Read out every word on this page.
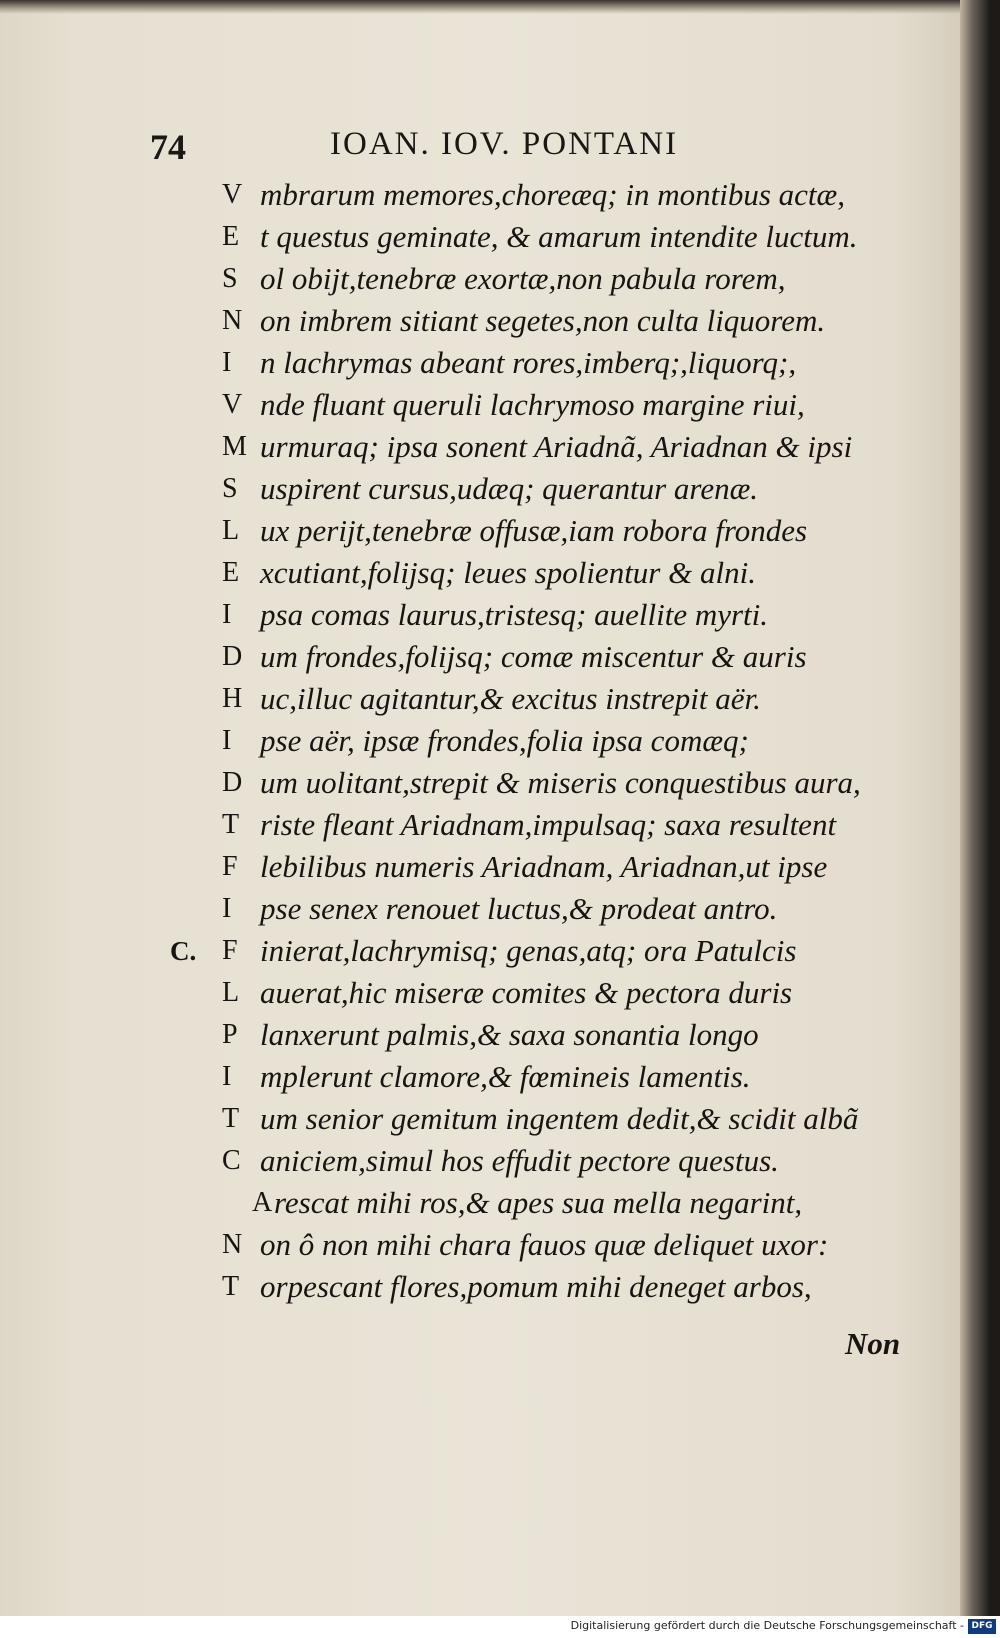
74	IOAN. IOV. PONTANI
V mbrarum memores,choreæq; in montibus actæ,
E t questus geminate, & amarum intendite luctum.
S ol obijt,tenebræ exortæ,non pabula rorem,
N on imbrem sitiant segetes,non culta liquorem.
I n lachrymas abeant rores,imberq;,liquorq;,
V nde fluant queruli lachrymoso margine riui,
M urmuraq; ipsa sonent Ariadnã, Ariadnan & ipsi
S uspirent cursus,udæq; querantur arenæ.
L ux perijt,tenebræ offusæ,iam robora frondes
E xcutiant,folijsq; leues spolientur & alni.
I psa comas laurus,tristesq; auellite myrti.
D um frondes,folijsq; comæ miscentur & auris
H uc,illuc agitantur,& excitus instrepit aër.
I pse aër, ipsæ frondes,folia ipsa comæq;
D um uolitant,strepit & miseris conquestibus aura,
T riste fleant Ariadnam,impulsaq; saxa resultent
F lebilibus numeris Ariadnam, Ariadnan,ut ipse
I pse senex renouet luctus,& prodeat antro.
C. F inierat,lachrymisq; genas,atq; ora Patulcis
L auerat,hic miseræ comites & pectora duris
P lanxerunt palmis,& saxa sonantia longo
I mplerunt clamore,& fœmineis lamentis.
T um senior gemitum ingentem dedit,& scidit albã
C aniciem,simul hos effudit pectore questus.
A rescat mihi ros,& apes sua mella negarint,
N on ô non mihi chara fauos quæ deliquet uxor:
T orpescant flores,pomum mihi deneget arbos,
Non
Digitalisierung gefördert durch die Deutsche Forschungsgemeinschaft - DFG
